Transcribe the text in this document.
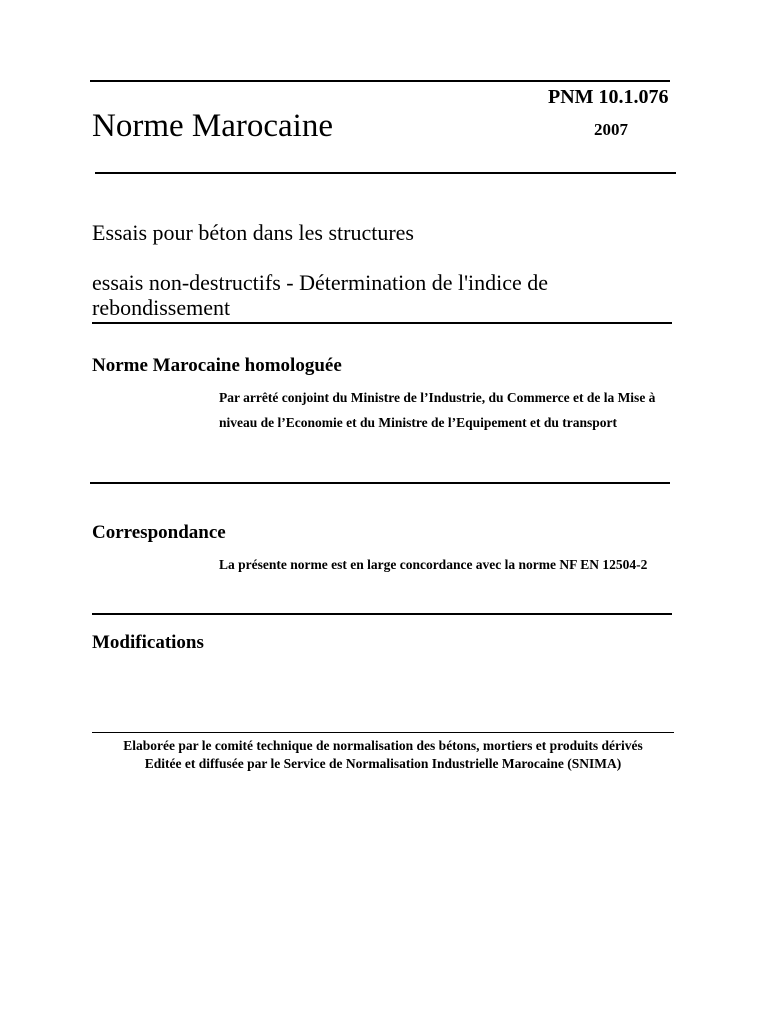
PNM 10.1.076
Norme Marocaine	2007
Essais pour béton dans les structures
essais non-destructifs - Détermination de l'indice de rebondissement
Norme Marocaine homologuée
Par arrêté conjoint du Ministre de l’Industrie, du Commerce et de la Mise à niveau de l’Economie et du Ministre de l’Equipement et du transport
Correspondance
La présente norme est en large concordance avec la norme NF EN 12504-2
Modifications
Elaborée par le comité technique de normalisation des bétons, mortiers et produits dérivés
Editée et diffusée par le Service de Normalisation Industrielle Marocaine (SNIMA)
